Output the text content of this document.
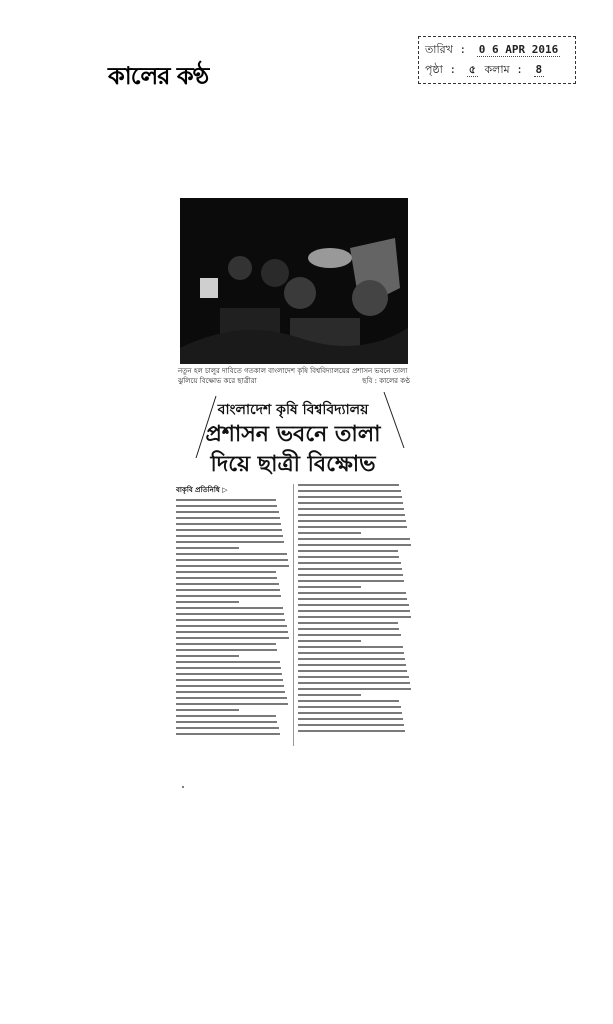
কালের কণ্ঠ
তারিখ : 0 6 APR 2016
পৃষ্ঠা : ৫ কলাম : 8
নতুন হল চালুর দাবিতে গতকাল বাংলাদেশ কৃষি বিশ্ববিদ্যালয়ের প্রশাসন ভবনে তালা ঝুলিয়ে বিক্ষোভ করে ছাত্রীরা	ছবি : কালের কণ্ঠ
বাংলাদেশ কৃষি বিশ্ববিদ্যালয়
প্রশাসন ভবনে তালা
দিয়ে ছাত্রী বিক্ষোভ
বাকৃবি প্রতিনিধি ▷
